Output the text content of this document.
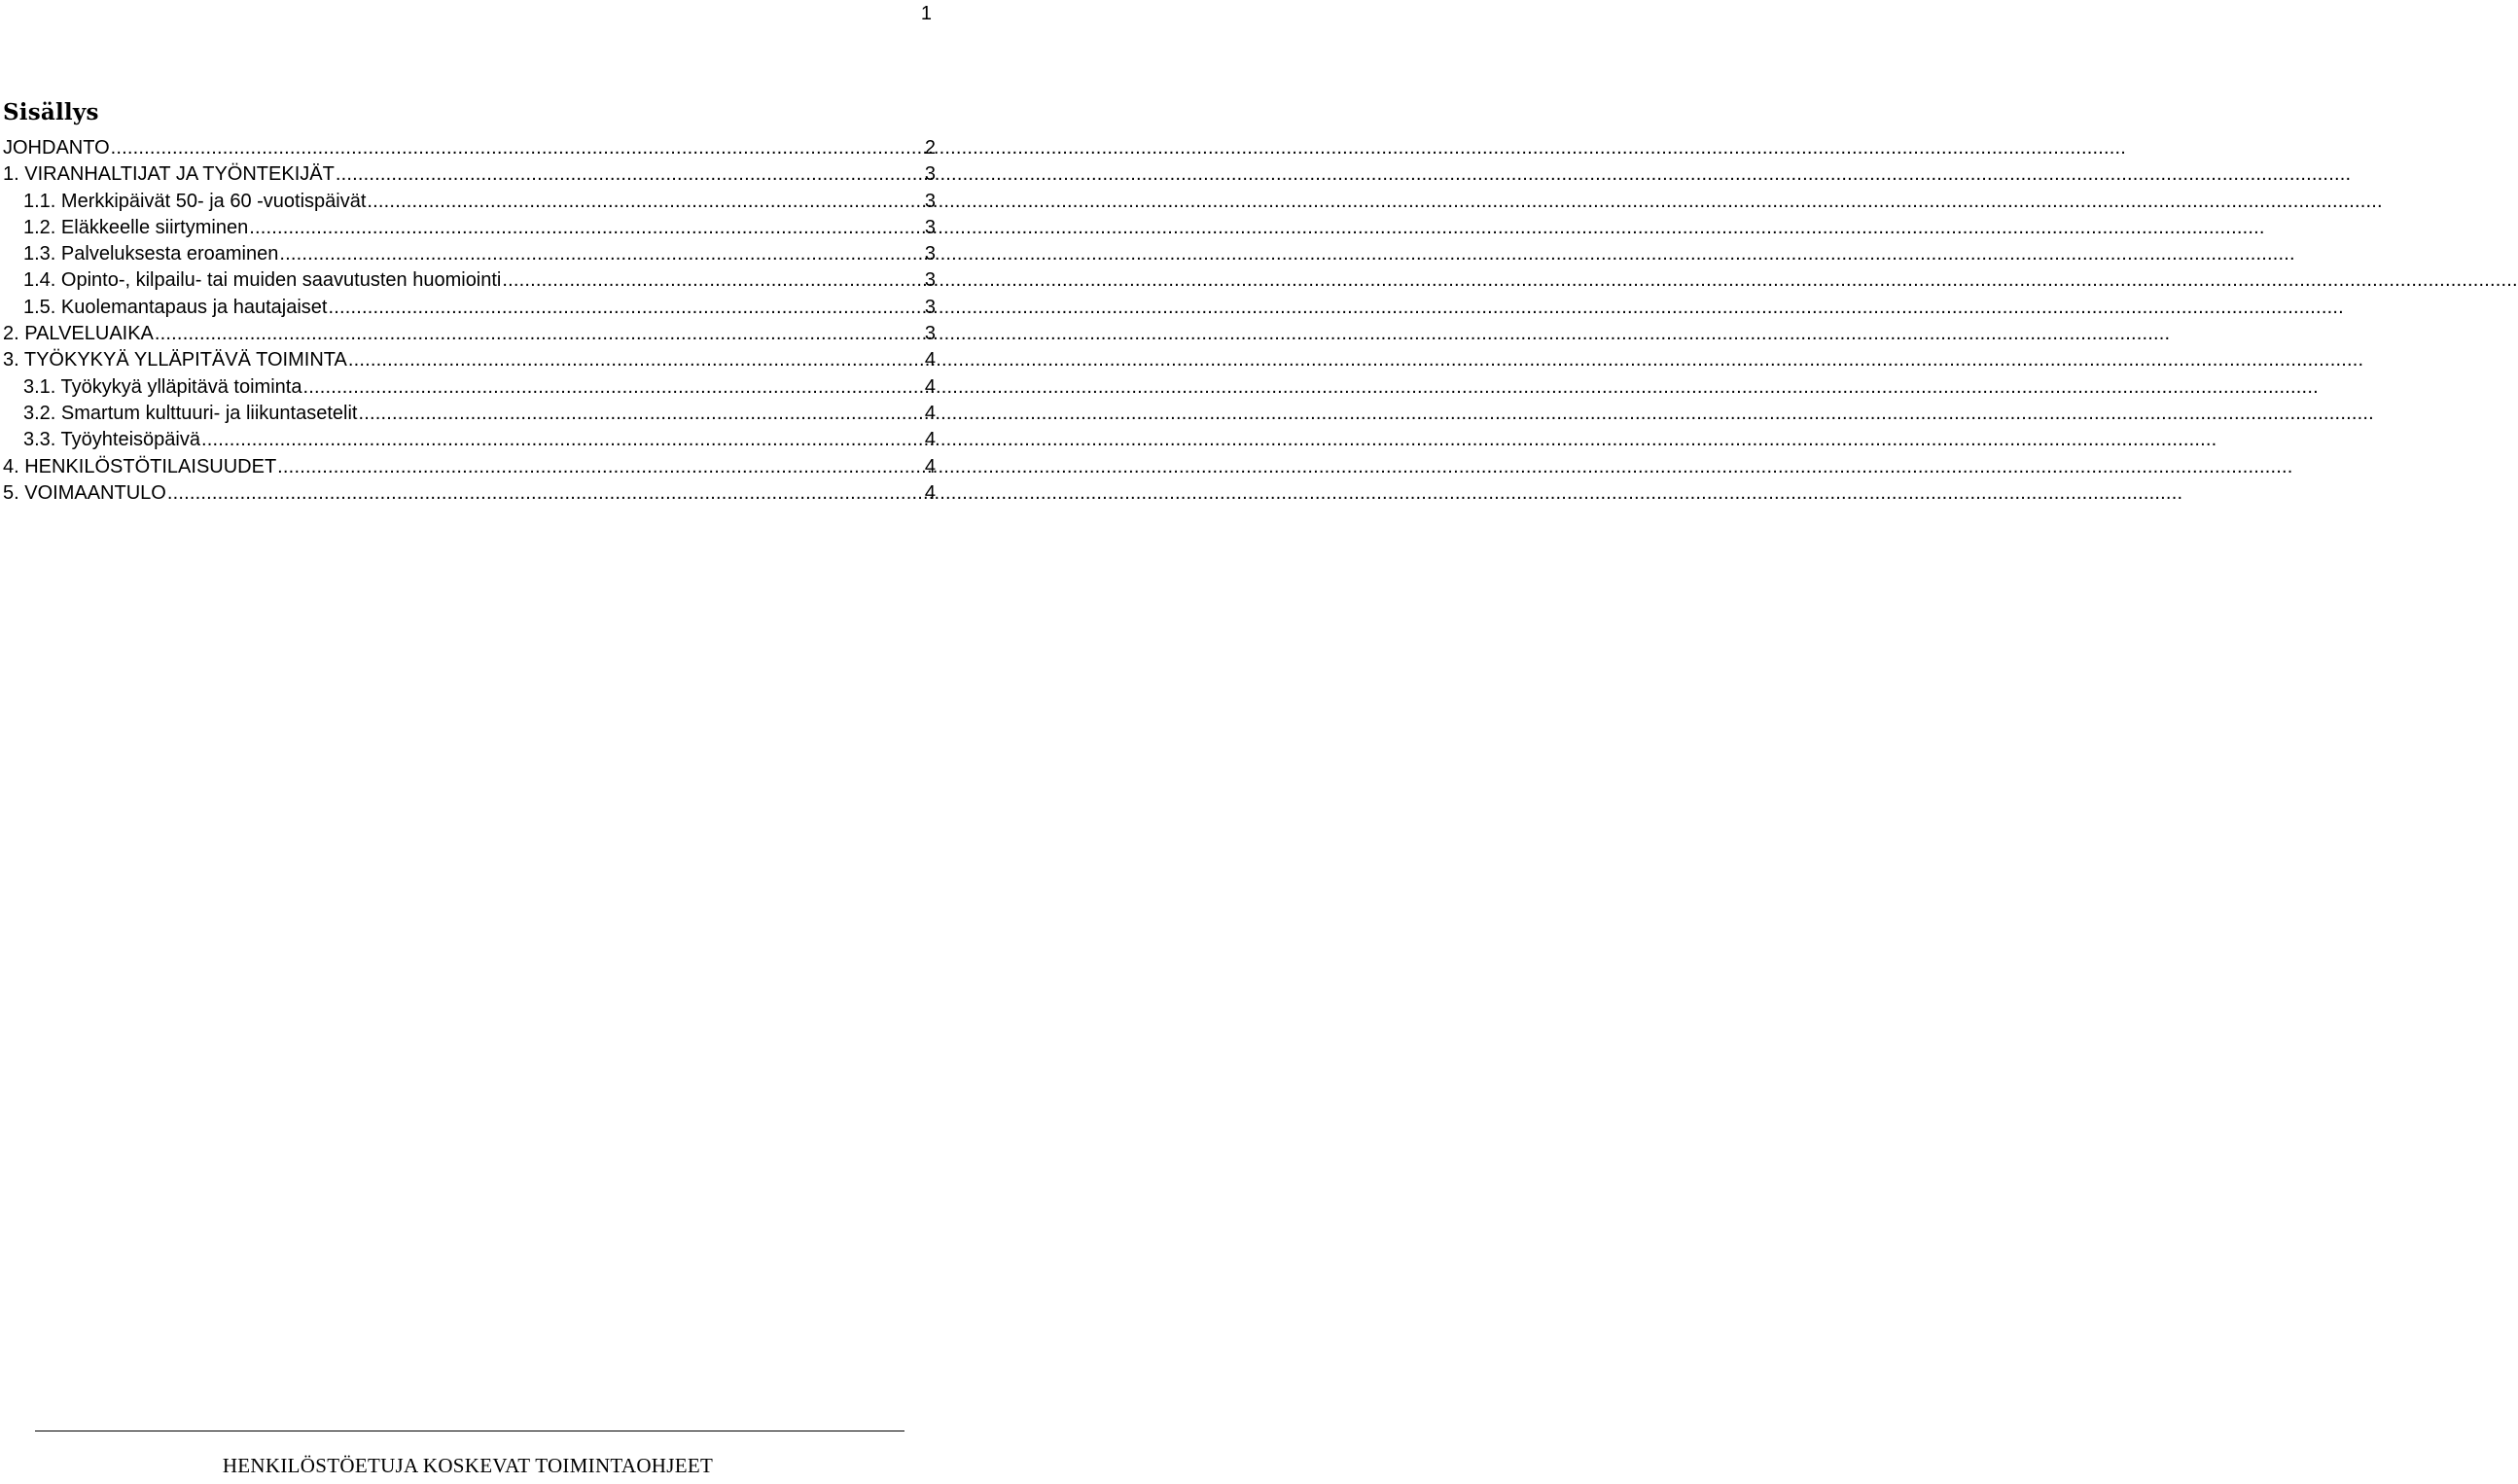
1
Sisällys
JOHDANTO .....	2
1. VIRANHALTIJAT JA TYÖNTEKIJÄT .....	3
1.1. Merkkipäivät 50- ja 60 -vuotispäivät .....	3
1.2. Eläkkeelle siirtyminen .....	3
1.3. Palveluksesta eroaminen .....	3
1.4. Opinto-, kilpailu- tai muiden saavutusten huomiointi .....	3
1.5. Kuolemantapaus ja hautajaiset .....	3
2. PALVELUAIKA .....	3
3. TYÖKYKYÄ YLLÄPITÄVÄ TOIMINTA .....	4
3.1. Työkykyä ylläpitävä toiminta .....	4
3.2. Smartum kulttuuri- ja liikuntasetelit .....	4
3.3. Työyhteisöpäivä .....	4
4. HENKILÖSTÖTILAISUUDET .....	4
5. VOIMAANTULO .....	4
HENKILÖSTÖETUJA KOSKEVAT TOIMINTAOHJEET
